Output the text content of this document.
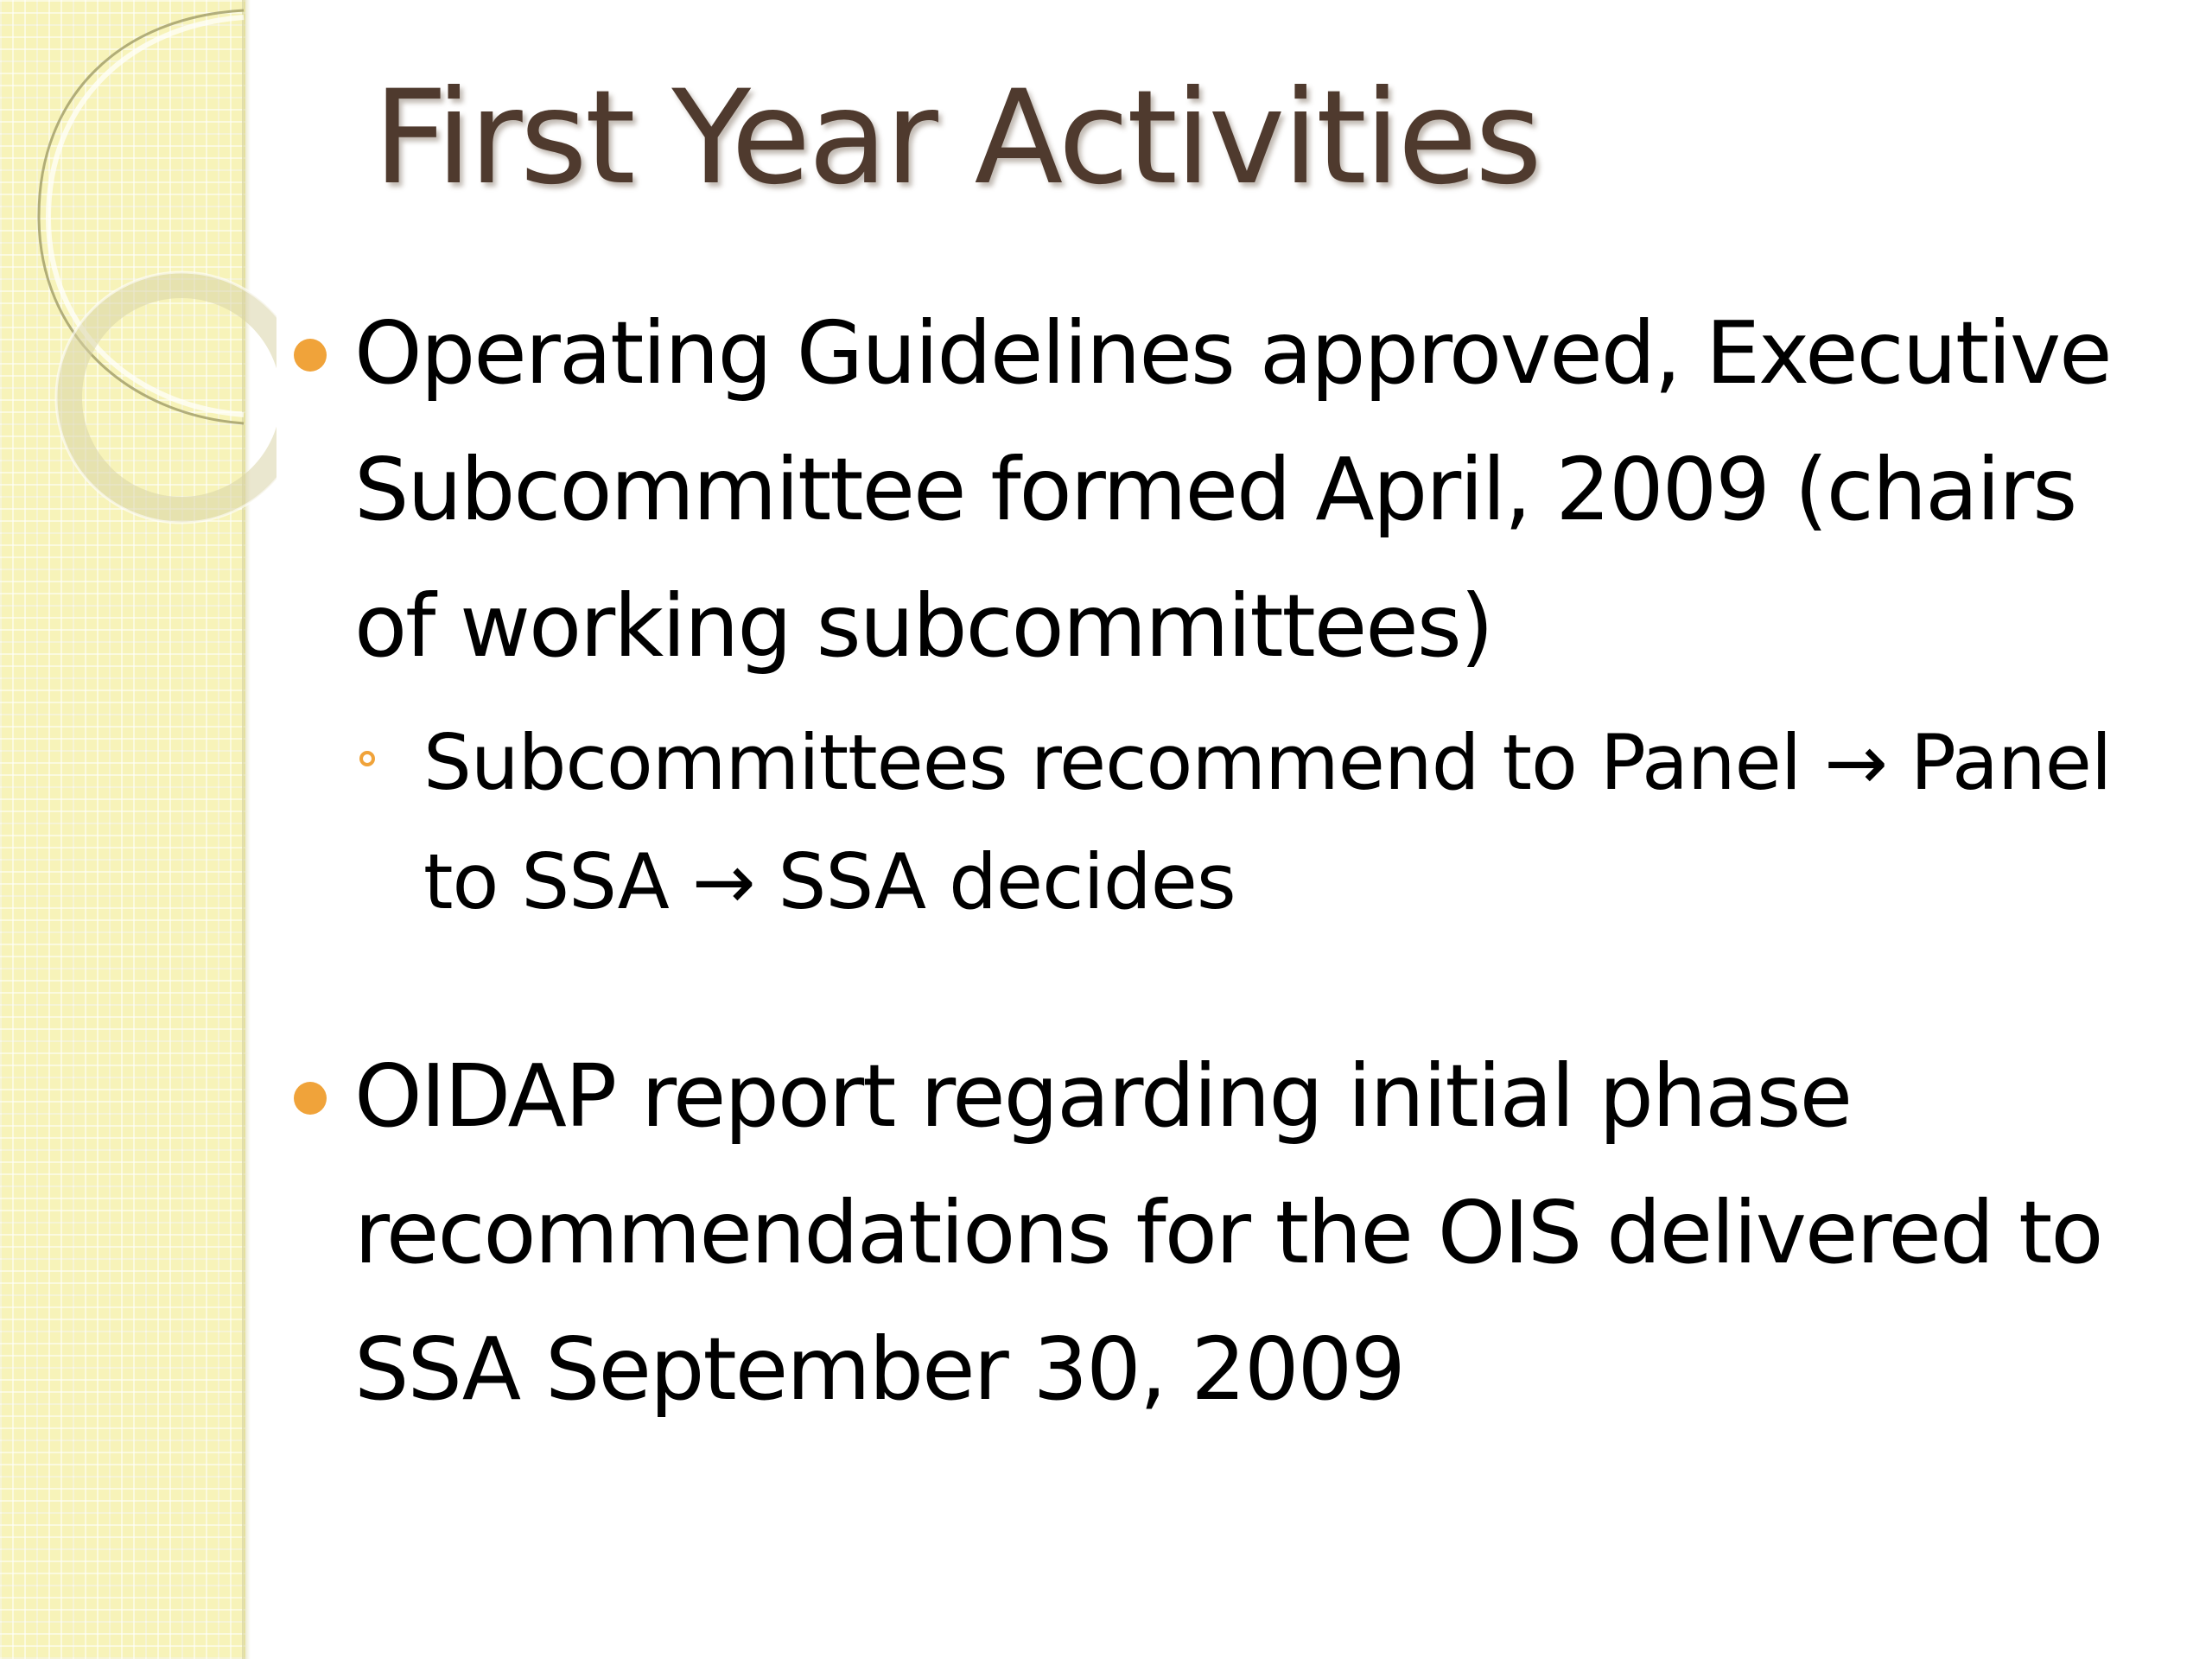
First Year Activities
Operating Guidelines approved, Executive Subcommittee formed April, 2009 (chairs of working subcommittees)
Subcommittees recommend to Panel → Panel to SSA → SSA decides
OIDAP report regarding initial phase recommendations for the OIS delivered to SSA September 30, 2009
